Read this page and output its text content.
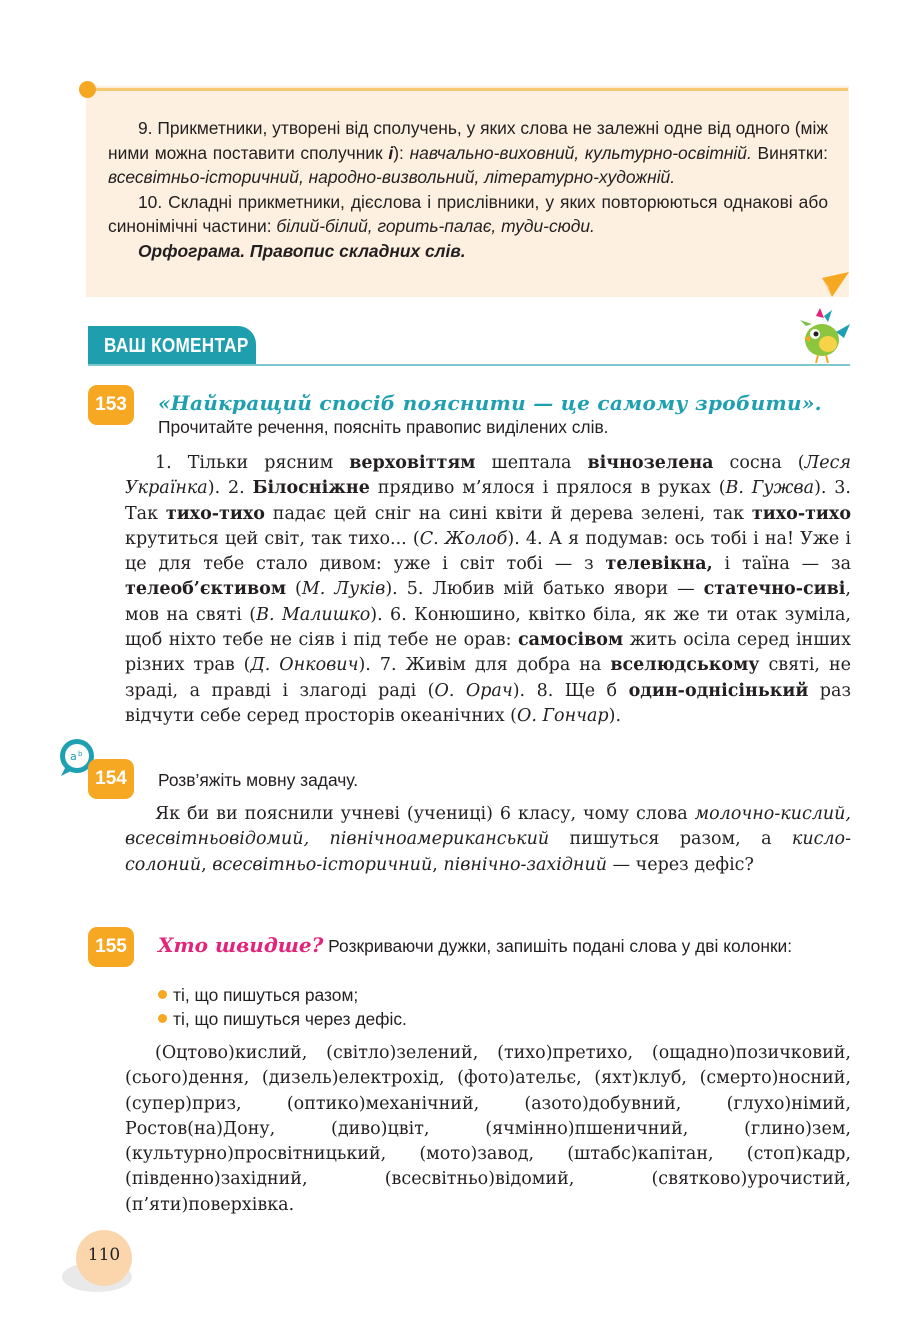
9. Прикметники, утворені від сполучень, у яких слова не залежні одне від одного (між ними можна поставити сполучник і): навчально-виховний, культурно-освітній. Винятки: всесвітньо-історичний, народно-визвольний, літературно-художній.

10. Складні прикметники, дієслова і прислівники, у яких повторюються однакові або синонімічні частини: білий-білий, горить-палає, туди-сюди.

Орфограма. Правопис складних слів.

ВАШ КОМЕНТАР
153	«Найкращий спосіб пояснити — це самому зробити».
Прочитайте речення, поясніть правопис виділених слів.

1. Тільки рясним верховіттям шептала вічнозелена сосна (Леся Українка). 2. Білосніжне прядиво м’ялося і прялося в руках (В. Гужва). 3. Так тихо-тихо падає цей сніг на сині квіти й дерева зелені, так тихо-тихо крутиться цей світ, так тихо... (С. Жолоб). 4. А я подумав: ось тобі і на! Уже і це для тебе стало дивом: уже і світ тобі — з телевікна, і таїна — за телеоб’єктивом (М. Луків). 5. Любив мій батько явори — статечно-сиві, мов на святі (В. Малишко). 6. Конюшино, квітко біла, як же ти отак зуміла, щоб ніхто тебе не сіяв і під тебе не орав: самосівом жить осіла серед інших різних трав (Д. Онкович). 7. Живім для добра на вселюдському святі, не зраді, а правді і злагоді раді (О. Орач). 8. Ще б один-однісінький раз відчути себе серед просторів океанічних (О. Гончар).

a b
154	Розв’яжіть мовну задачу.

Як би ви пояснили учневі (учениці) 6 класу, чому слова молочно-кислий, всесвітньовідомий, північноамериканський пишуться разом, а кисло-солоний, всесвітньо-історичний, північно-західний — через дефіс?

155	Хто швидше? Розкриваючи дужки, запишіть подані слова у дві колонки:
ті, що пишуться разом;
ті, що пишуться через дефіс.

(Оцтово)кислий, (світло)зелений, (тихо)претихо, (ощадно)позичковий, (сього)дення, (дизель)електрохід, (фото)ательє, (яхт)клуб, (смерто)носний, (супер)приз, (оптико)механічний, (азото)добувний, (глухо)німий, Ростов(на)Дону, (диво)цвіт, (ячмінно)пшеничний, (глино)зем, (культурно)просвітницький, (мото)завод, (штабс)капітан, (стоп)кадр, (південно)західний, (всесвітньо)відомий, (святково)урочистий, (п’яти)поверхівка.

110
